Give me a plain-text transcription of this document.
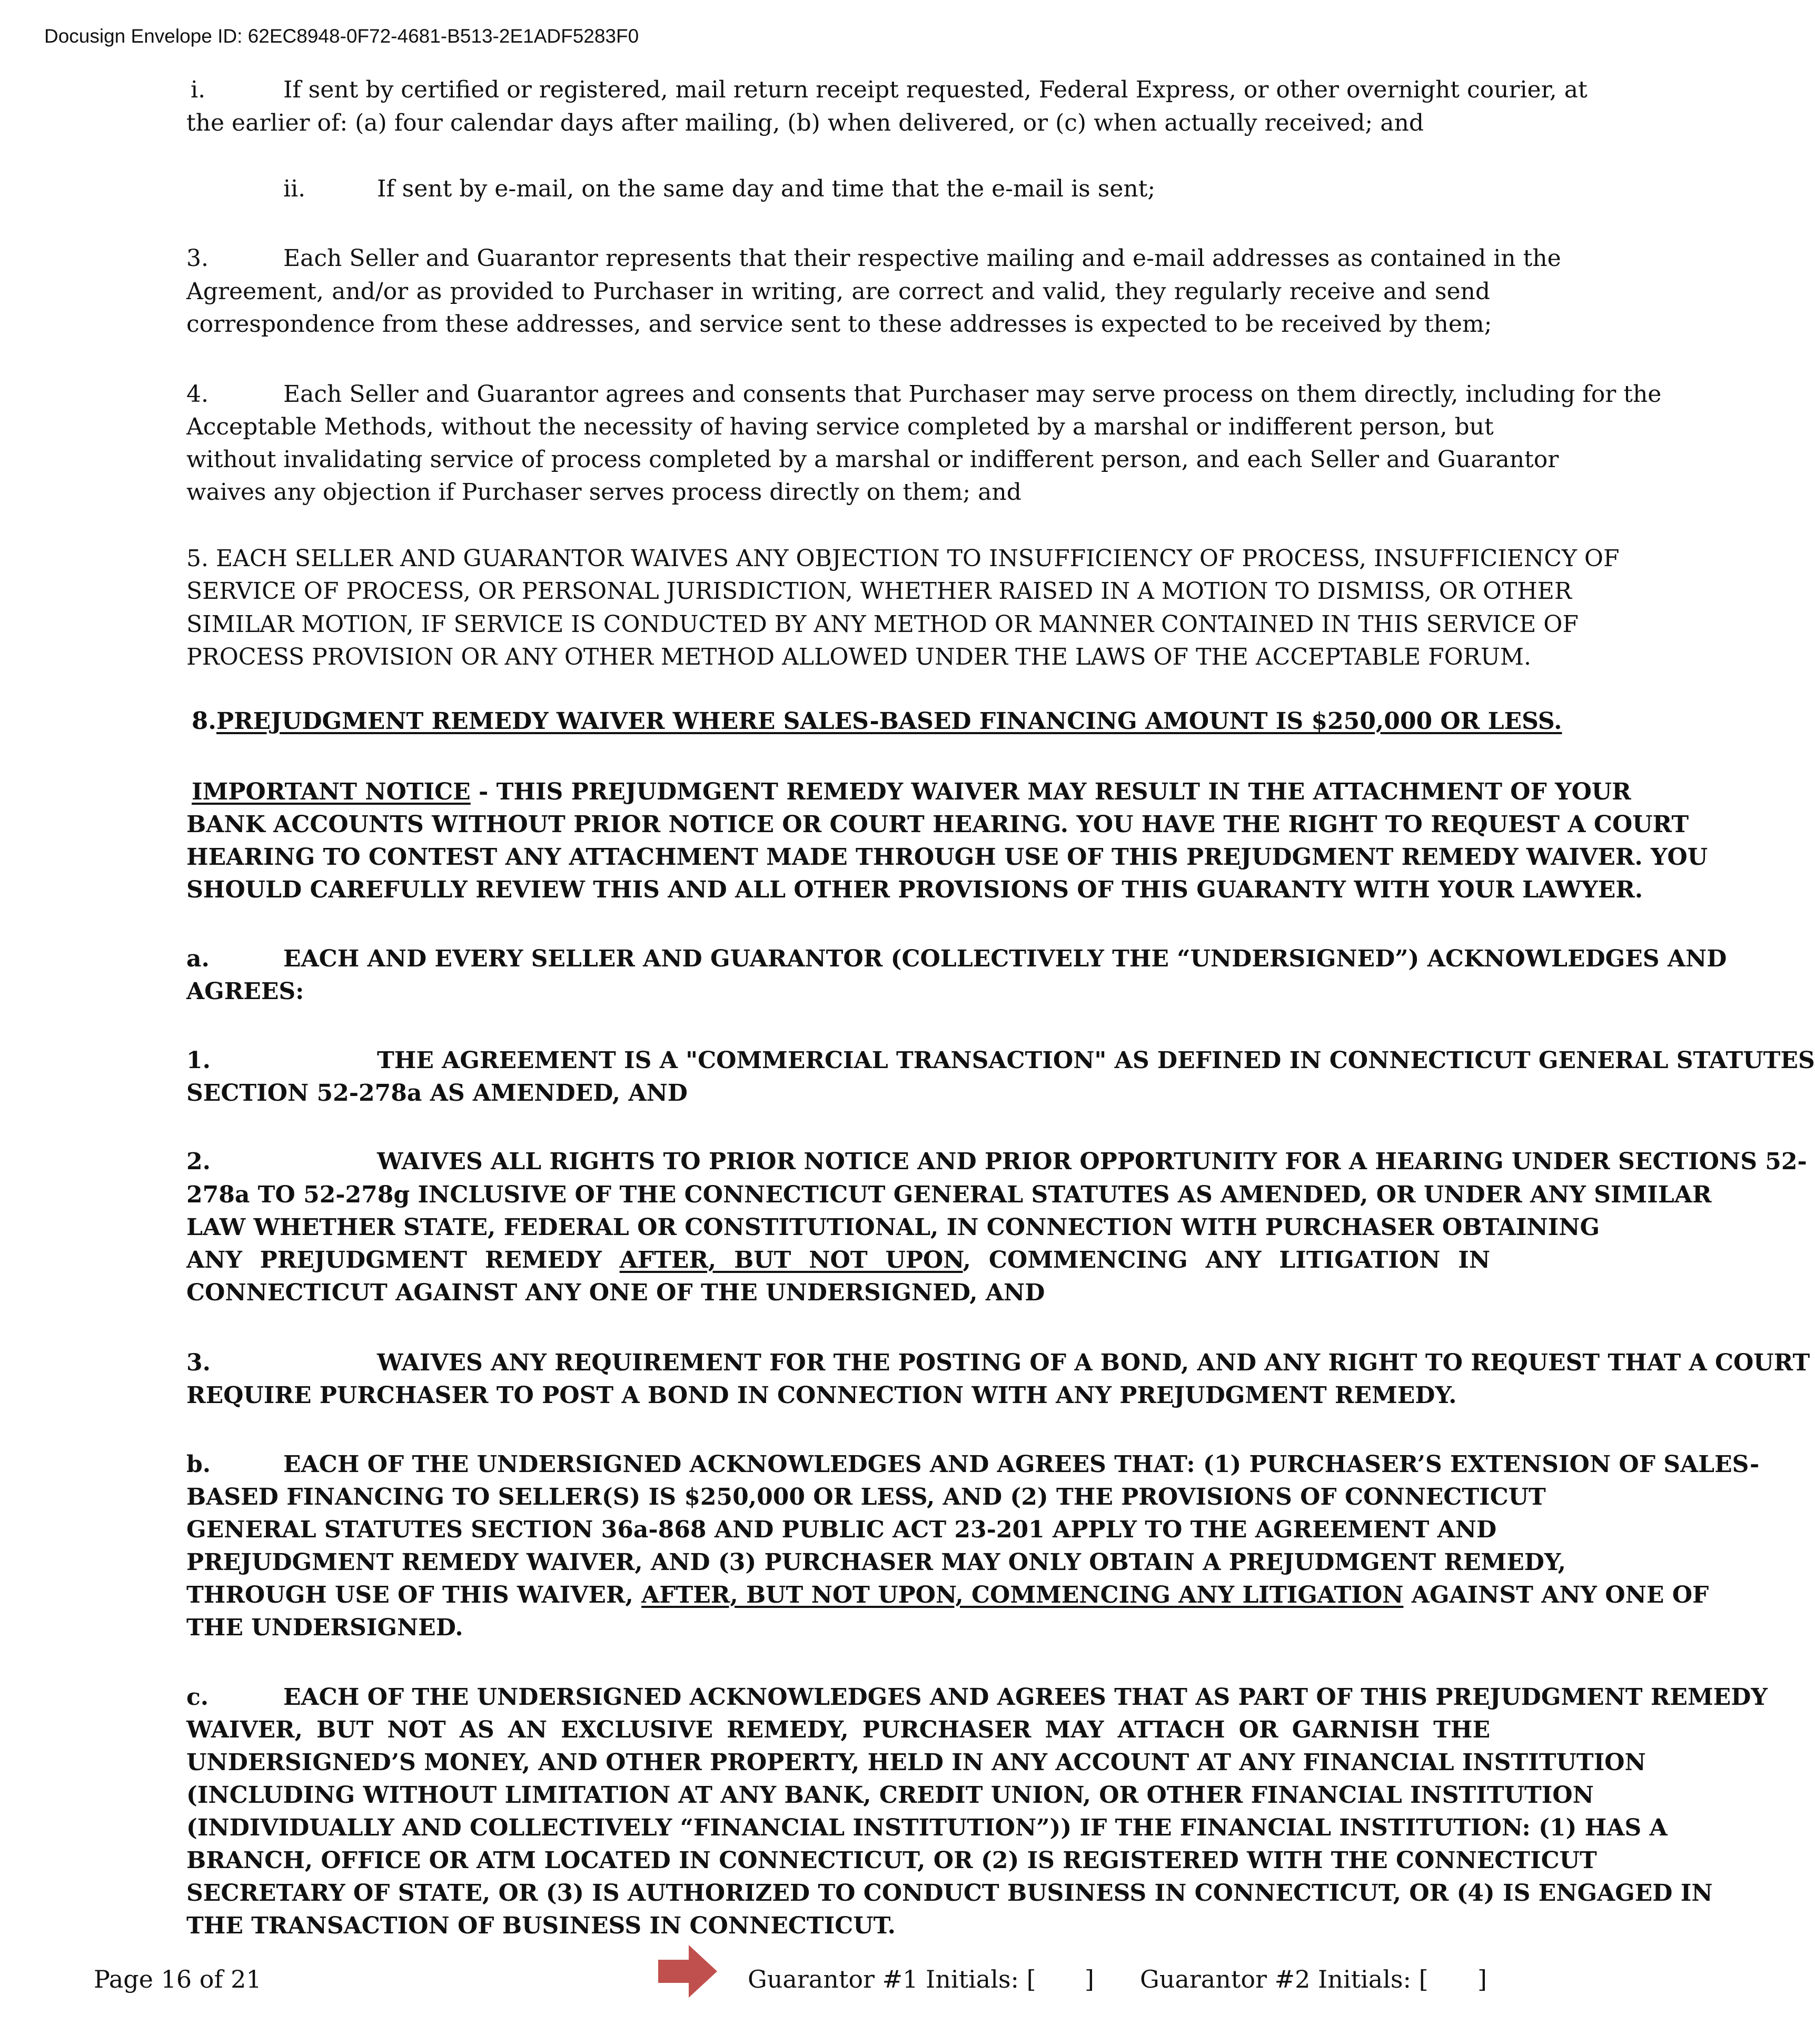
Docusign Envelope ID: 62EC8948-0F72-4681-B513-2E1ADF5283F0
i.	If sent by certified or registered, mail return receipt requested, Federal Express, or other overnight courier, at
the earlier of: (a) four calendar days after mailing, (b) when delivered, or (c) when actually received; and
ii.	If sent by e-mail, on the same day and time that the e-mail is sent;
3.	Each Seller and Guarantor represents that their respective mailing and e-mail addresses as contained in the
Agreement, and/or as provided to Purchaser in writing, are correct and valid, they regularly receive and send
correspondence from these addresses, and service sent to these addresses is expected to be received by them;
4.	Each Seller and Guarantor agrees and consents that Purchaser may serve process on them directly, including for the
Acceptable Methods, without the necessity of having service completed by a marshal or indifferent person, but
without invalidating service of process completed by a marshal or indifferent person, and each Seller and Guarantor
waives any objection if Purchaser serves process directly on them; and
5. EACH SELLER AND GUARANTOR WAIVES ANY OBJECTION TO INSUFFICIENCY OF PROCESS, INSUFFICIENCY OF
SERVICE OF PROCESS, OR PERSONAL JURISDICTION, WHETHER RAISED IN A MOTION TO DISMISS, OR OTHER
SIMILAR MOTION, IF SERVICE IS CONDUCTED BY ANY METHOD OR MANNER CONTAINED IN THIS SERVICE OF
PROCESS PROVISION OR ANY OTHER METHOD ALLOWED UNDER THE LAWS OF THE ACCEPTABLE FORUM.
8.PREJUDGMENT REMEDY WAIVER WHERE SALES-BASED FINANCING AMOUNT IS $250,000 OR LESS.
IMPORTANT NOTICE - THIS PREJUDMGENT REMEDY WAIVER MAY RESULT IN THE ATTACHMENT OF YOUR
BANK ACCOUNTS WITHOUT PRIOR NOTICE OR COURT HEARING. YOU HAVE THE RIGHT TO REQUEST A COURT
HEARING TO CONTEST ANY ATTACHMENT MADE THROUGH USE OF THIS PREJUDGMENT REMEDY WAIVER. YOU
SHOULD CAREFULLY REVIEW THIS AND ALL OTHER PROVISIONS OF THIS GUARANTY WITH YOUR LAWYER.
a.	EACH AND EVERY SELLER AND GUARANTOR (COLLECTIVELY THE “UNDERSIGNED”) ACKNOWLEDGES AND
AGREES:
1.	THE AGREEMENT IS A "COMMERCIAL TRANSACTION" AS DEFINED IN CONNECTICUT GENERAL STATUTES
SECTION 52-278a AS AMENDED, AND
2.	WAIVES ALL RIGHTS TO PRIOR NOTICE AND PRIOR OPPORTUNITY FOR A HEARING UNDER SECTIONS 52-
278a TO 52-278g INCLUSIVE OF THE CONNECTICUT GENERAL STATUTES AS AMENDED, OR UNDER ANY SIMILAR
LAW WHETHER STATE, FEDERAL OR CONSTITUTIONAL, IN CONNECTION WITH PURCHASER OBTAINING
ANY PREJUDGMENT REMEDY AFTER, BUT NOT UPON, COMMENCING ANY LITIGATION IN
CONNECTICUT AGAINST ANY ONE OF THE UNDERSIGNED, AND
3.	WAIVES ANY REQUIREMENT FOR THE POSTING OF A BOND, AND ANY RIGHT TO REQUEST THAT A COURT
REQUIRE PURCHASER TO POST A BOND IN CONNECTION WITH ANY PREJUDGMENT REMEDY.
b.	EACH OF THE UNDERSIGNED ACKNOWLEDGES AND AGREES THAT: (1) PURCHASER’S EXTENSION OF SALES-
BASED FINANCING TO SELLER(S) IS $250,000 OR LESS, AND (2) THE PROVISIONS OF CONNECTICUT
GENERAL STATUTES SECTION 36a-868 AND PUBLIC ACT 23-201 APPLY TO THE AGREEMENT AND
PREJUDGMENT REMEDY WAIVER, AND (3) PURCHASER MAY ONLY OBTAIN A PREJUDMGENT REMEDY,
THROUGH USE OF THIS WAIVER, AFTER, BUT NOT UPON, COMMENCING ANY LITIGATION AGAINST ANY ONE OF
THE UNDERSIGNED.
c.	EACH OF THE UNDERSIGNED ACKNOWLEDGES AND AGREES THAT AS PART OF THIS PREJUDGMENT REMEDY
WAIVER, BUT NOT AS AN EXCLUSIVE REMEDY, PURCHASER MAY ATTACH OR GARNISH THE
UNDERSIGNED’S MONEY, AND OTHER PROPERTY, HELD IN ANY ACCOUNT AT ANY FINANCIAL INSTITUTION
(INCLUDING WITHOUT LIMITATION AT ANY BANK, CREDIT UNION, OR OTHER FINANCIAL INSTITUTION
(INDIVIDUALLY AND COLLECTIVELY “FINANCIAL INSTITUTION”)) IF THE FINANCIAL INSTITUTION: (1) HAS A
BRANCH, OFFICE OR ATM LOCATED IN CONNECTICUT, OR (2) IS REGISTERED WITH THE CONNECTICUT
SECRETARY OF STATE, OR (3) IS AUTHORIZED TO CONDUCT BUSINESS IN CONNECTICUT, OR (4) IS ENGAGED IN
THE TRANSACTION OF BUSINESS IN CONNECTICUT.
Page 16 of 21	Guarantor #1 Initials: [ ] Guarantor #2 Initials: [ ]
